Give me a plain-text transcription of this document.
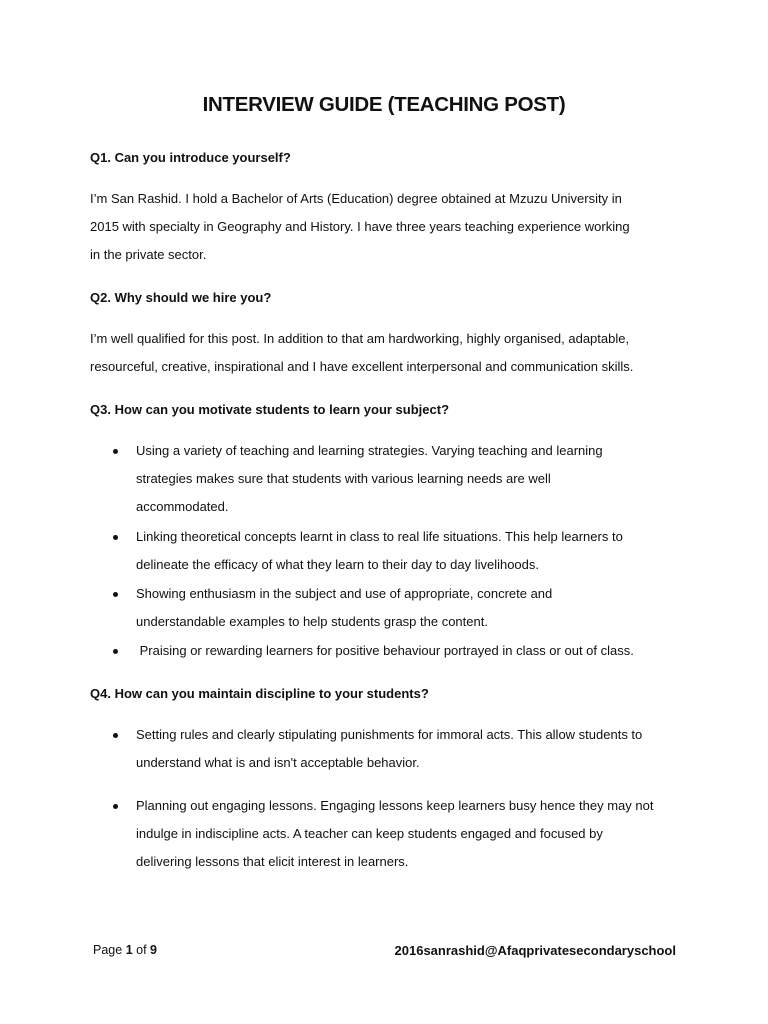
INTERVIEW GUIDE (TEACHING POST)
Q1. Can you introduce yourself?
I’m San Rashid. I hold a Bachelor of Arts (Education) degree obtained at Mzuzu University in
2015 with specialty in Geography and History. I have three years teaching experience working
in the private sector.
Q2. Why should we hire you?
I’m well qualified for this post. In addition to that am hardworking, highly organised, adaptable,
resourceful, creative, inspirational and I have excellent interpersonal and communication skills.
Q3. How can you motivate students to learn your subject?
Using a variety of teaching and learning strategies. Varying teaching and learning
strategies makes sure that students with various learning needs are well
accommodated.
Linking theoretical concepts learnt in class to real life situations. This help learners to
delineate the efficacy of what they learn to their day to day livelihoods.
Showing enthusiasm in the subject and use of appropriate, concrete and
understandable examples to help students grasp the content.
Praising or rewarding learners for positive behaviour portrayed in class or out of class.
Q4. How can you maintain discipline to your students?
Setting rules and clearly stipulating punishments for immoral acts. This allow students to
understand what is and isn't acceptable behavior.
Planning out engaging lessons. Engaging lessons keep learners busy hence they may not
indulge in indiscipline acts. A teacher can keep students engaged and focused by
delivering lessons that elicit interest in learners.
Page 1 of 9	2016sanrashid@Afaqprivatesecondaryschool
